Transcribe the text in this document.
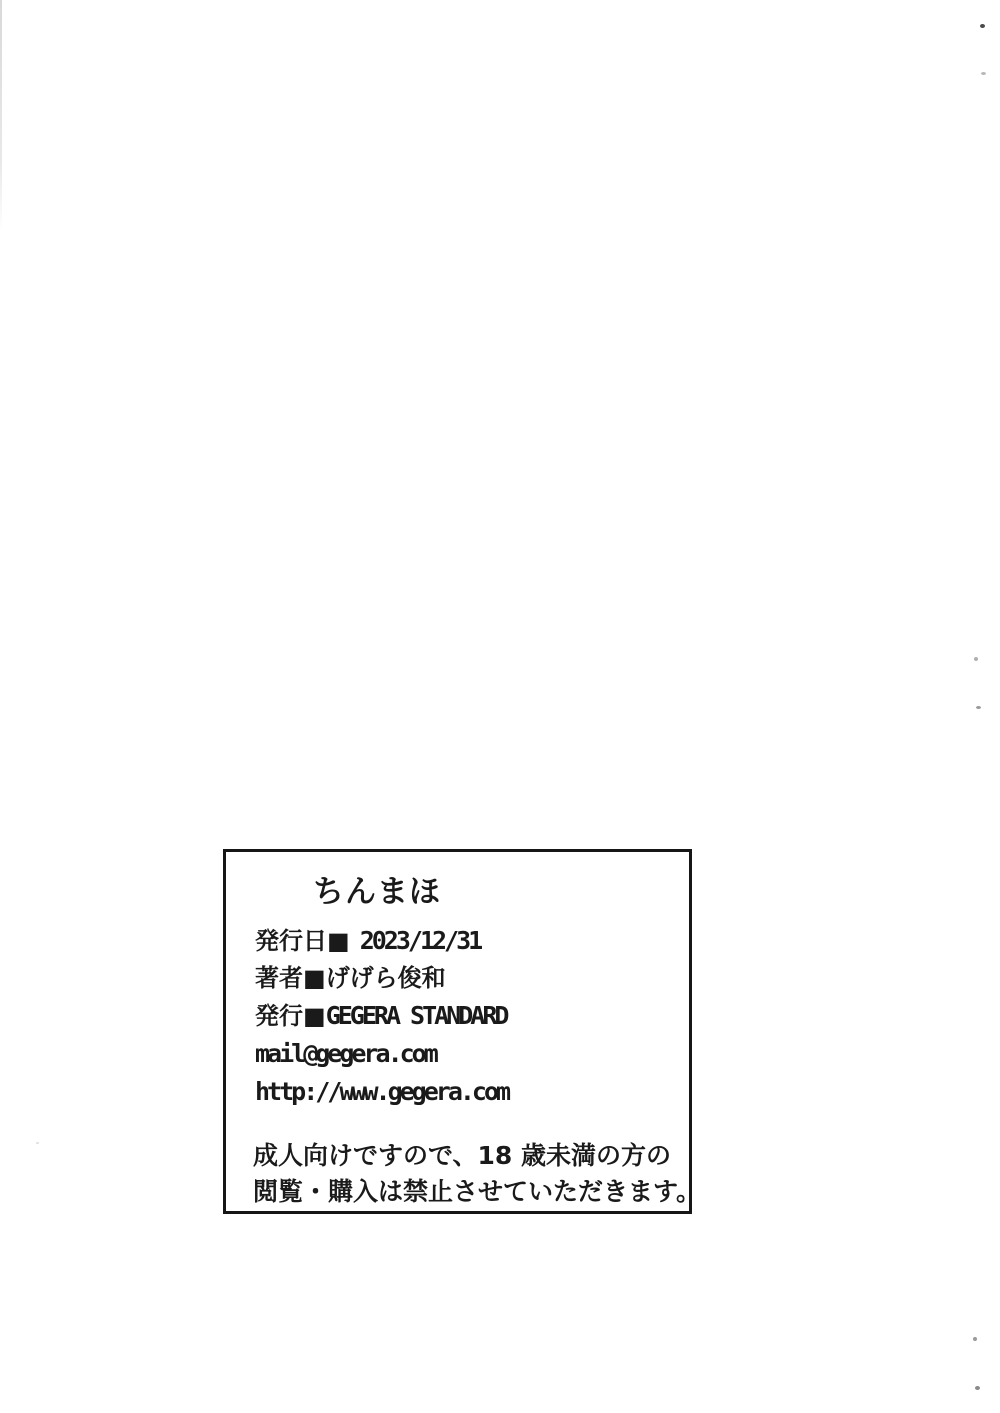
ちんまほ
発行日■ 2023/12/31
著者■げげら俊和
発行■GEGERA STANDARD
mail@gegera.com
http://www.gegera.com
成人向けですので、18 歳未満の方の
閲覧・購入は禁止させていただきます。
